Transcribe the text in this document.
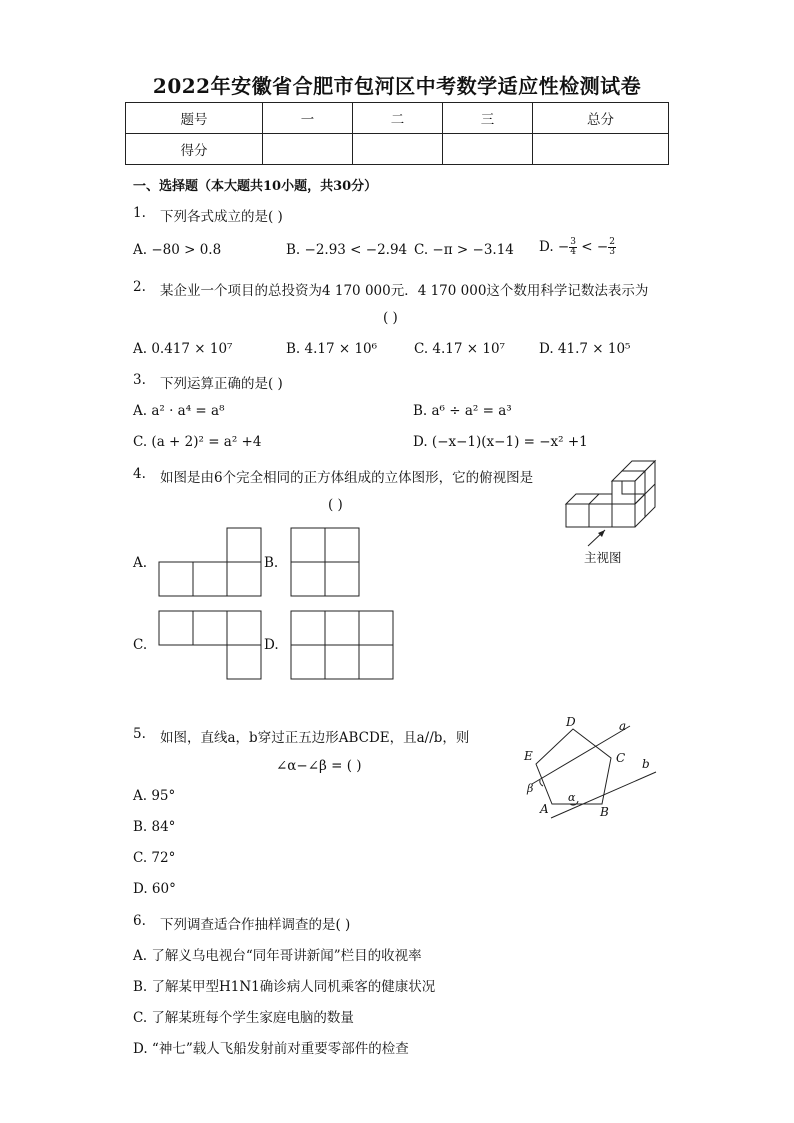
2022年安徽省合肥市包河区中考数学适应性检测试卷
题号	一	二	三	总分
得分				
一、选择题（本大题共10小题，共30分）
1. 下列各式成立的是( )
A. −80 > 0.8	B. −2.93 < −2.94 C. −π > −3.14 D. − $\frac{3}{4}$ < − $\frac{2}{3}$
2. 某企业一个项目的总投资为4 170 000元．4 170 000这个数用科学记数法表示为
( )
A. 0.417 × 10⁷	B. 4.17 × 10⁶	C. 4.17 × 10⁷	D. 41.7 × 10⁵
3. 下列运算正确的是( )
A. a² · a⁴ = a⁸	B. a⁶ ÷ a² = a³
C. (a + 2)² = a² +4	D. (−x−1)(x−1) = −x² +1
4. 如图是由6个完全相同的正方体组成的立体图形，它的俯视图是
( )
主视图
A.	B.
C.	D.
5. 如图，直线a，b穿过正五边形ABCDE，且a//b，则
∠α−∠β = ( )
A. 95°
B. 84°
C. 72°
D. 60°
D
C
E
A	B
a
b
α
β
6. 下列调查适合作抽样调查的是( )
A. 了解义乌电视台“同年哥讲新闻”栏目的收视率
B. 了解某甲型H1N1确诊病人同机乘客的健康状况
C. 了解某班每个学生家庭电脑的数量
D. “神七”载人飞船发射前对重要零部件的检查
